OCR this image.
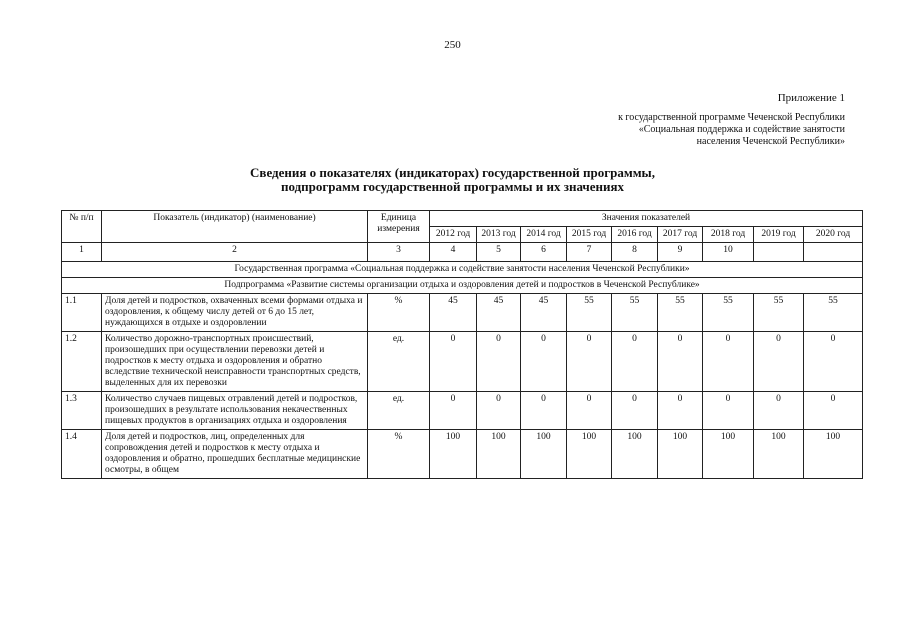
250
Приложение 1
к государственной программе Чеченской Республики
«Социальная поддержка и содействие занятости
населения Чеченской Республики»
Сведения о показателях (индикаторах) государственной программы,
подпрограмм государственной программы и их значениях
№ п/п	Показатель (индикатор) (наименование)	Единица измерения	Значения показателей								
			2012 год	2013 год	2014 год	2015 год	2016 год	2017 год	2018 год	2019 год	2020 год
1	2	3	4	5	6	7	8	9	10		
Государственная программа «Социальная поддержка и содействие занятости населения Чеченской Республики»											
Подпрограмма «Развитие системы организации отдыха и оздоровления детей и подростков в Чеченской Республике»											
1.1	Доля детей и подростков, охваченных всеми формами отдыха и оздоровления, к общему числу детей от 6 до 15 лет, нуждающихся в отдыхе и оздоровлении	%	45	45	45	55	55	55	55	55	55
1.2	Количество дорожно-транспортных происшествий, произошедших при осуществлении перевозки детей и подростков к месту отдыха и оздоровления и обратно вследствие технической неисправности транспортных средств, выделенных для их перевозки	ед.	0	0	0	0	0	0	0	0	0
1.3	Количество случаев пищевых отравлений детей и подростков, произошедших в результате использования некачественных пищевых продуктов в организациях отдыха и оздоровления	ед.	0	0	0	0	0	0	0	0	0
1.4	Доля детей и подростков, лиц, определенных для сопровождения детей и подростков к месту отдыха и оздоровления и обратно, прошедших бесплатные медицинские осмотры, в общем	%	100	100	100	100	100	100	100	100	100
